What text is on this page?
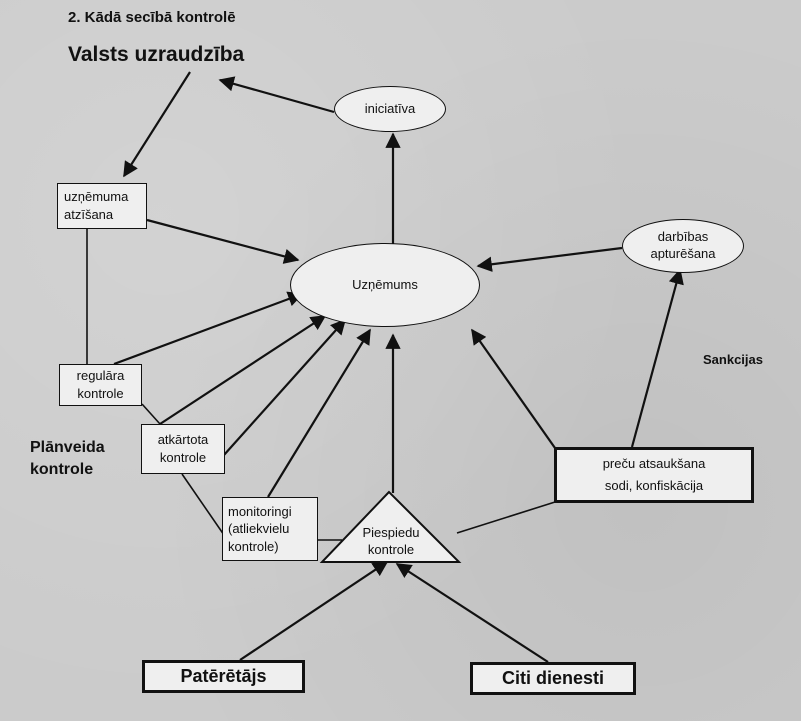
2. Kādā secībā kontrolē
Valsts uzraudzība
iniciatīva
Uzņēmums
darbības
apturēšana
uzņēmuma
atzīšana
regulāra
kontrole
atkārtota
kontrole
monitoringi
(atliekvielu
kontrole)
Piespiedu
kontrole
preču atsaukšana
sodi, konfiskācija
Patērētājs	Citi dienesti
Plānveida
kontrole
Sankcijas
